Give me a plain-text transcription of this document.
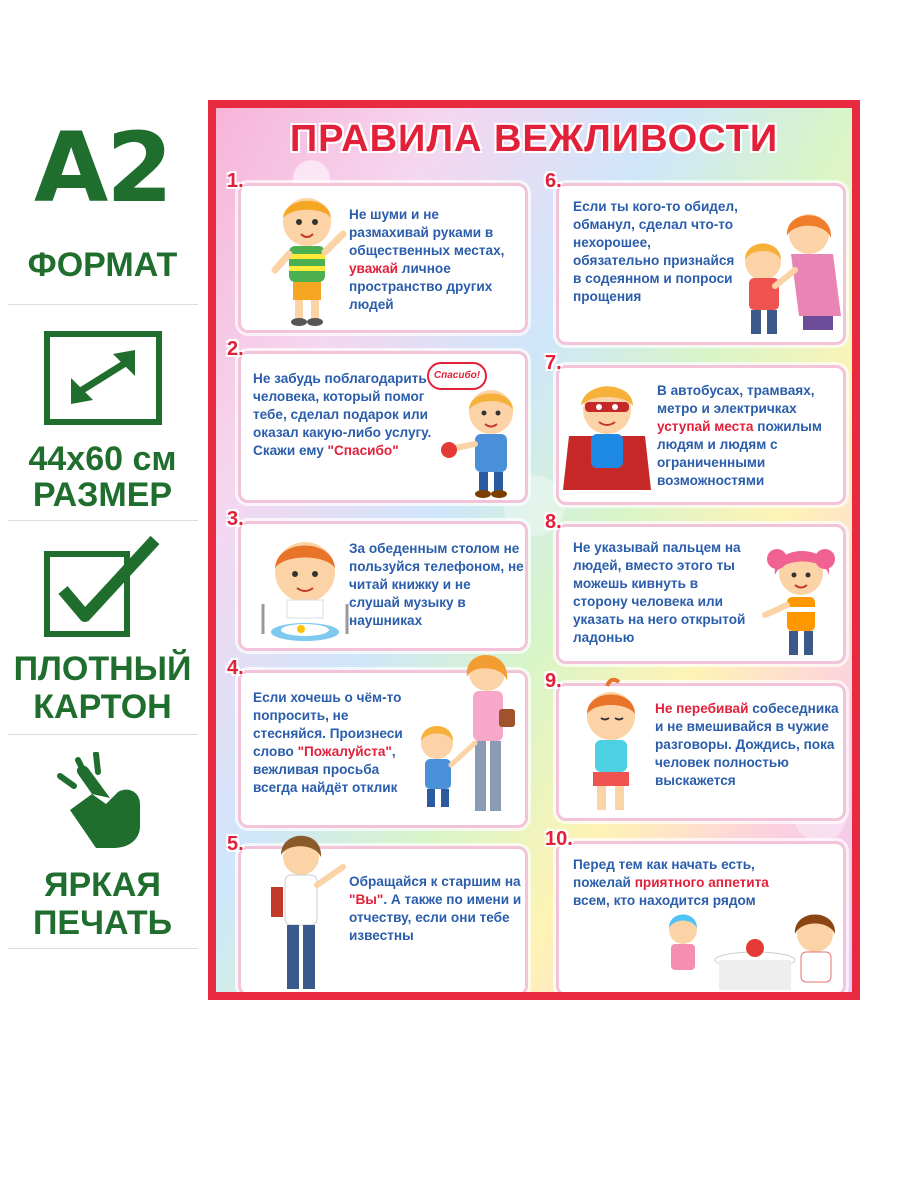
A2
ФОРМАТ
44x60 см
РАЗМЕР
ПЛОТНЫЙ
КАРТОН
ЯРКАЯ
ПЕЧАТЬ
ПРАВИЛА ВЕЖЛИВОСТИ
1.
Не шуми и не размахивай руками в общественных местах, уважай личное пространство других людей
2.
Не забудь поблагодарить человека, который помог тебе, сделал подарок или оказал какую-либо услугу. Скажи ему "Спасибо"
Спасибо!
3.
За обеденным столом не пользуйся телефоном, не читай книжку и не слушай музыку в наушниках
4.
Если хочешь о чём-то попросить, не стесняйся. Произнеси слово "Пожалуйста", вежливая просьба всегда найдёт отклик
5.
Обращайся к старшим на "Вы". А также по имени и отчеству, если они тебе известны
6.
Если ты кого-то обидел, обманул, сделал что-то нехорошее, обязательно признайся в содеянном и попроси прощения
7.
В автобусах, трамваях, метро и электричках уступай места пожилым людям и людям с ограниченными возможностями
8.
Не указывай пальцем на людей, вместо этого ты можешь кивнуть в сторону человека или указать на него открытой ладонью
9.
Не перебивай собеседника и не вмешивайся в чужие разговоры. Дождись, пока человек полностью выскажется
10.
Перед тем как начать есть, пожелай приятного аппетита всем, кто находится рядом
